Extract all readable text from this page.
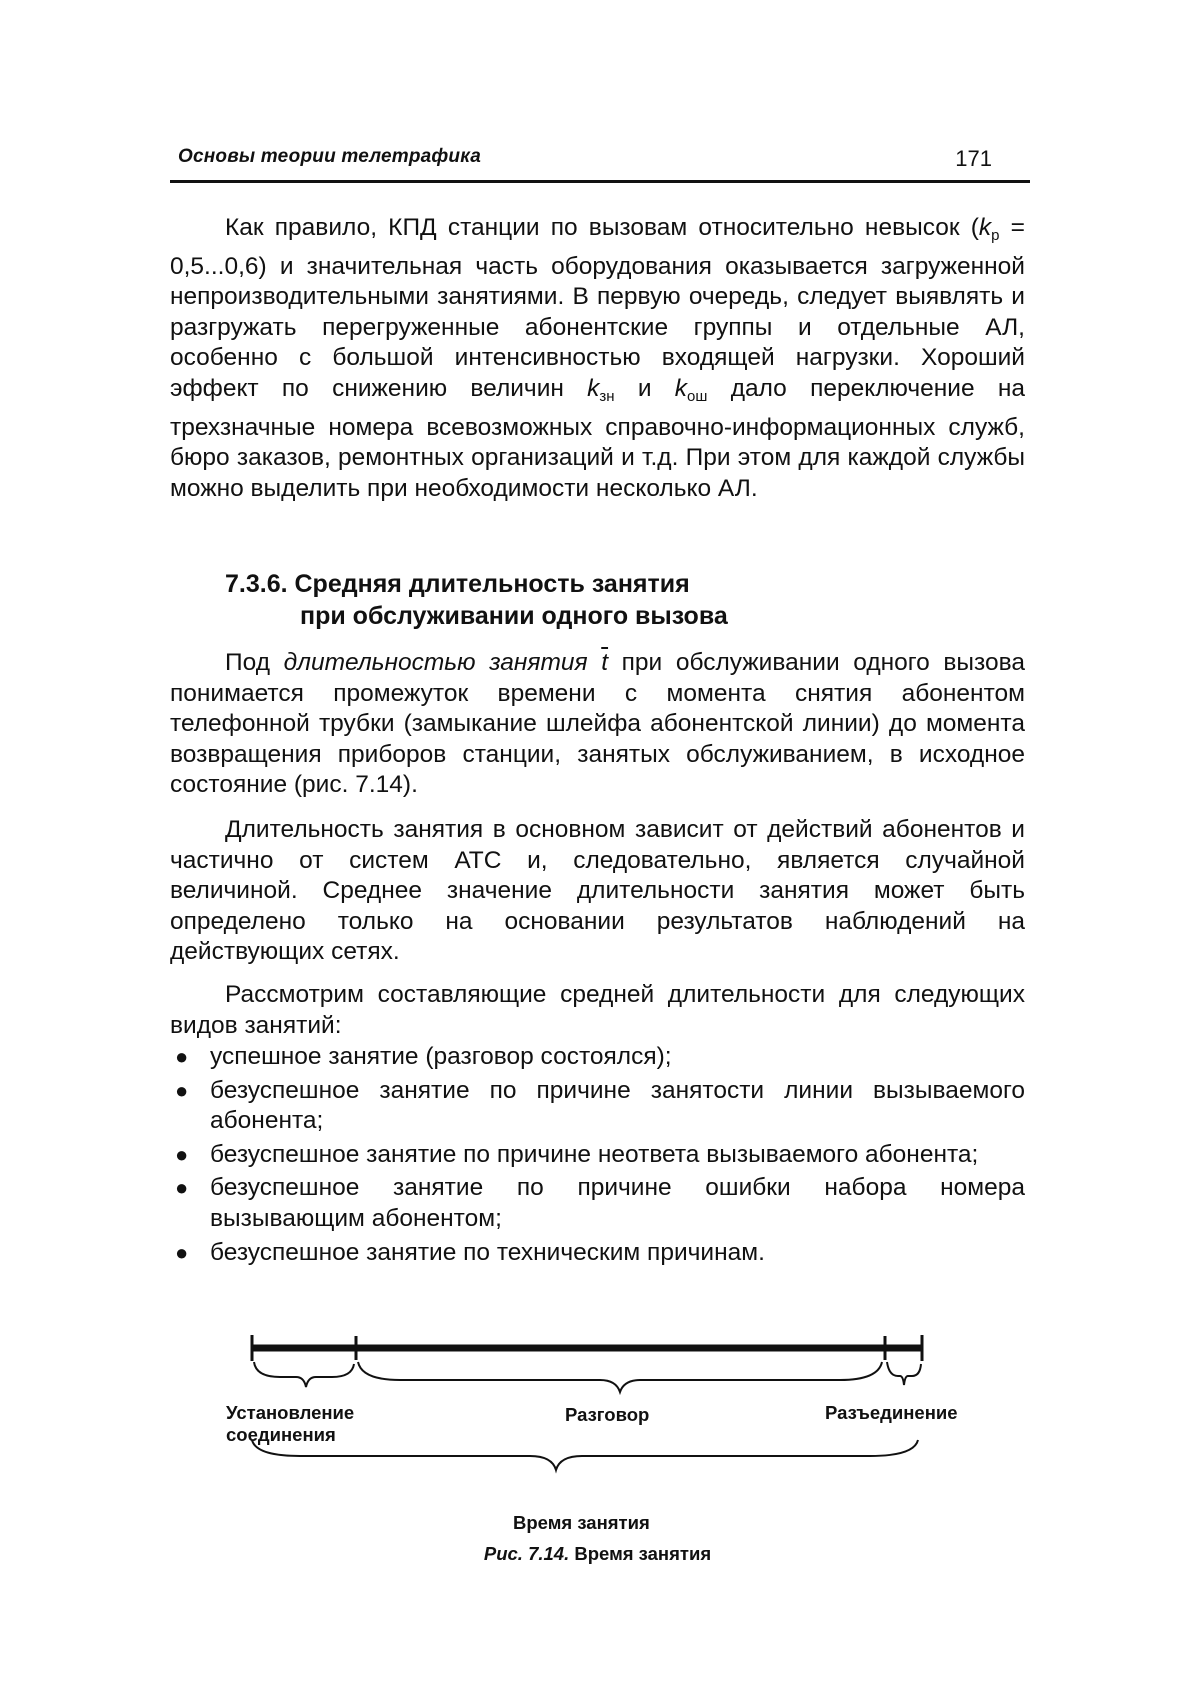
Основы теории телетрафика	171

Как правило, КПД станции по вызовам относительно невысок $(k_р = 0,5...0,6)$ и значительная часть оборудования оказывается загруженной непроизводительными занятиями. В первую очередь, следует выявлять и разгружать перегруженные абонентские группы и отдельные АЛ, особенно с большой интенсивностью входящей нагрузки. Хороший эффект по снижению величин $k_{зн}$ и $k_{ош}$ дало переключение на трехзначные номера всевозможных справочно-информационных служб, бюро заказов, ремонтных организаций и т.д. При этом для каждой службы можно выделить при необходимости несколько АЛ.

7.3.6. Средняя длительность занятия
при обслуживании одного вызова

Под длительностью занятия $\overline{t}$ при обслуживании одного вызова понимается промежуток времени с момента снятия абонентом телефонной трубки (замыкание шлейфа абонентской линии) до момента возвращения приборов станции, занятых обслуживанием, в исходное состояние (рис. 7.14).

Длительность занятия в основном зависит от действий абонентов и частично от систем АТС и, следовательно, является случайной величиной. Среднее значение длительности занятия может быть определено только на основании результатов наблюдений на действующих сетях.

Рассмотрим составляющие средней длительности для следующих видов занятий:

● успешное занятие (разговор состоялся);
● безуспешное занятие по причине занятости линии вызываемого абонента;
● безуспешное занятие по причине неответа вызываемого абонента;
● безуспешное занятие по причине ошибки набора номера вызывающим абонентом;
● безуспешное занятие по техническим причинам.
Установление
соединения
Разговор	Разъединение
Время занятия
Рис. 7.14. Время занятия
